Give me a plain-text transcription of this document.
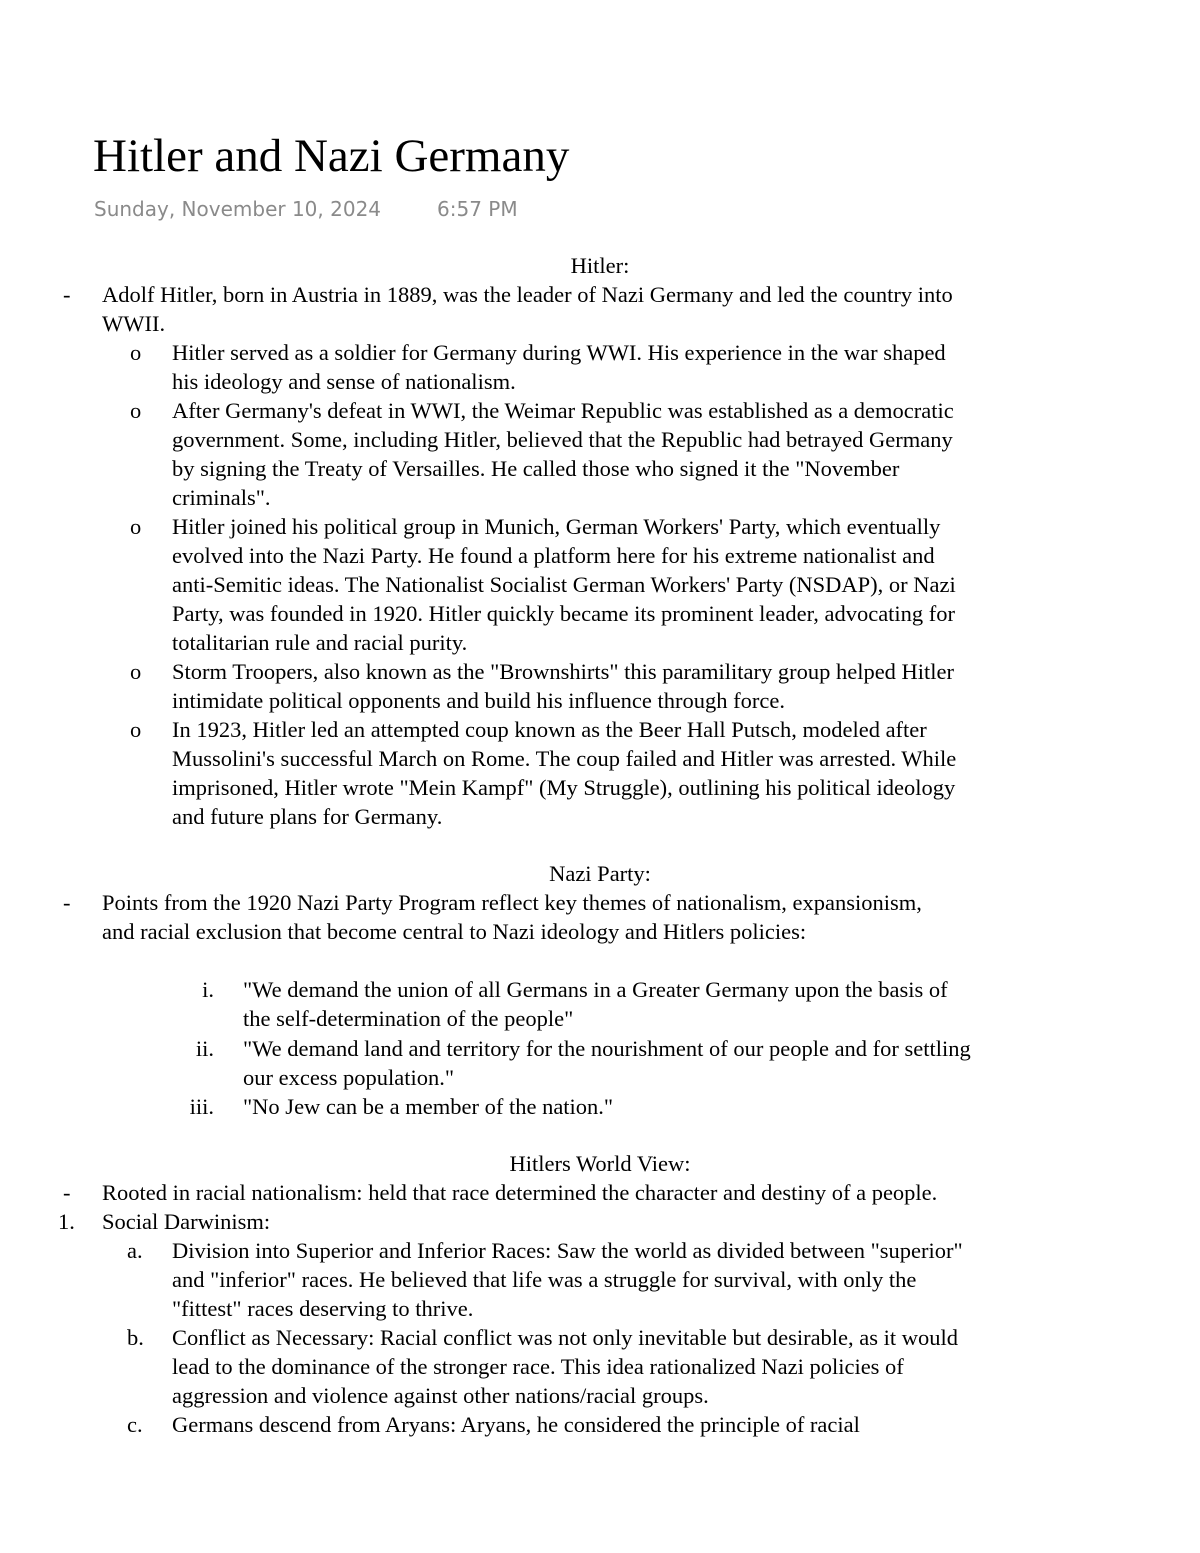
Hitler and Nazi Germany
Sunday, November 10, 2024	6:57 PM
Hitler:
- Adolf Hitler, born in Austria in 1889, was the leader of Nazi Germany and led the country into
WWII.
o Hitler served as a soldier for Germany during WWI. His experience in the war shaped
his ideology and sense of nationalism.
o After Germany's defeat in WWI, the Weimar Republic was established as a democratic
government. Some, including Hitler, believed that the Republic had betrayed Germany
by signing the Treaty of Versailles. He called those who signed it the "November
criminals".
o Hitler joined his political group in Munich, German Workers' Party, which eventually
evolved into the Nazi Party. He found a platform here for his extreme nationalist and
anti-Semitic ideas. The Nationalist Socialist German Workers' Party (NSDAP), or Nazi
Party, was founded in 1920. Hitler quickly became its prominent leader, advocating for
totalitarian rule and racial purity.
o Storm Troopers, also known as the "Brownshirts" this paramilitary group helped Hitler
intimidate political opponents and build his influence through force.
o In 1923, Hitler led an attempted coup known as the Beer Hall Putsch, modeled after
Mussolini's successful March on Rome. The coup failed and Hitler was arrested. While
imprisoned, Hitler wrote "Mein Kampf" (My Struggle), outlining his political ideology
and future plans for Germany.
Nazi Party:
- Points from the 1920 Nazi Party Program reflect key themes of nationalism, expansionism,
and racial exclusion that become central to Nazi ideology and Hitlers policies:
i. "We demand the union of all Germans in a Greater Germany upon the basis of
the self-determination of the people"
ii. "We demand land and territory for the nourishment of our people and for settling
our excess population."
iii. "No Jew can be a member of the nation."
Hitlers World View:
- Rooted in racial nationalism: held that race determined the character and destiny of a people.
1. Social Darwinism:
a. Division into Superior and Inferior Races: Saw the world as divided between "superior"
and "inferior" races. He believed that life was a struggle for survival, with only the
"fittest" races deserving to thrive.
b. Conflict as Necessary: Racial conflict was not only inevitable but desirable, as it would
lead to the dominance of the stronger race. This idea rationalized Nazi policies of
aggression and violence against other nations/racial groups.
c. Germans descend from Aryans: Aryans, he considered the principle of racial
